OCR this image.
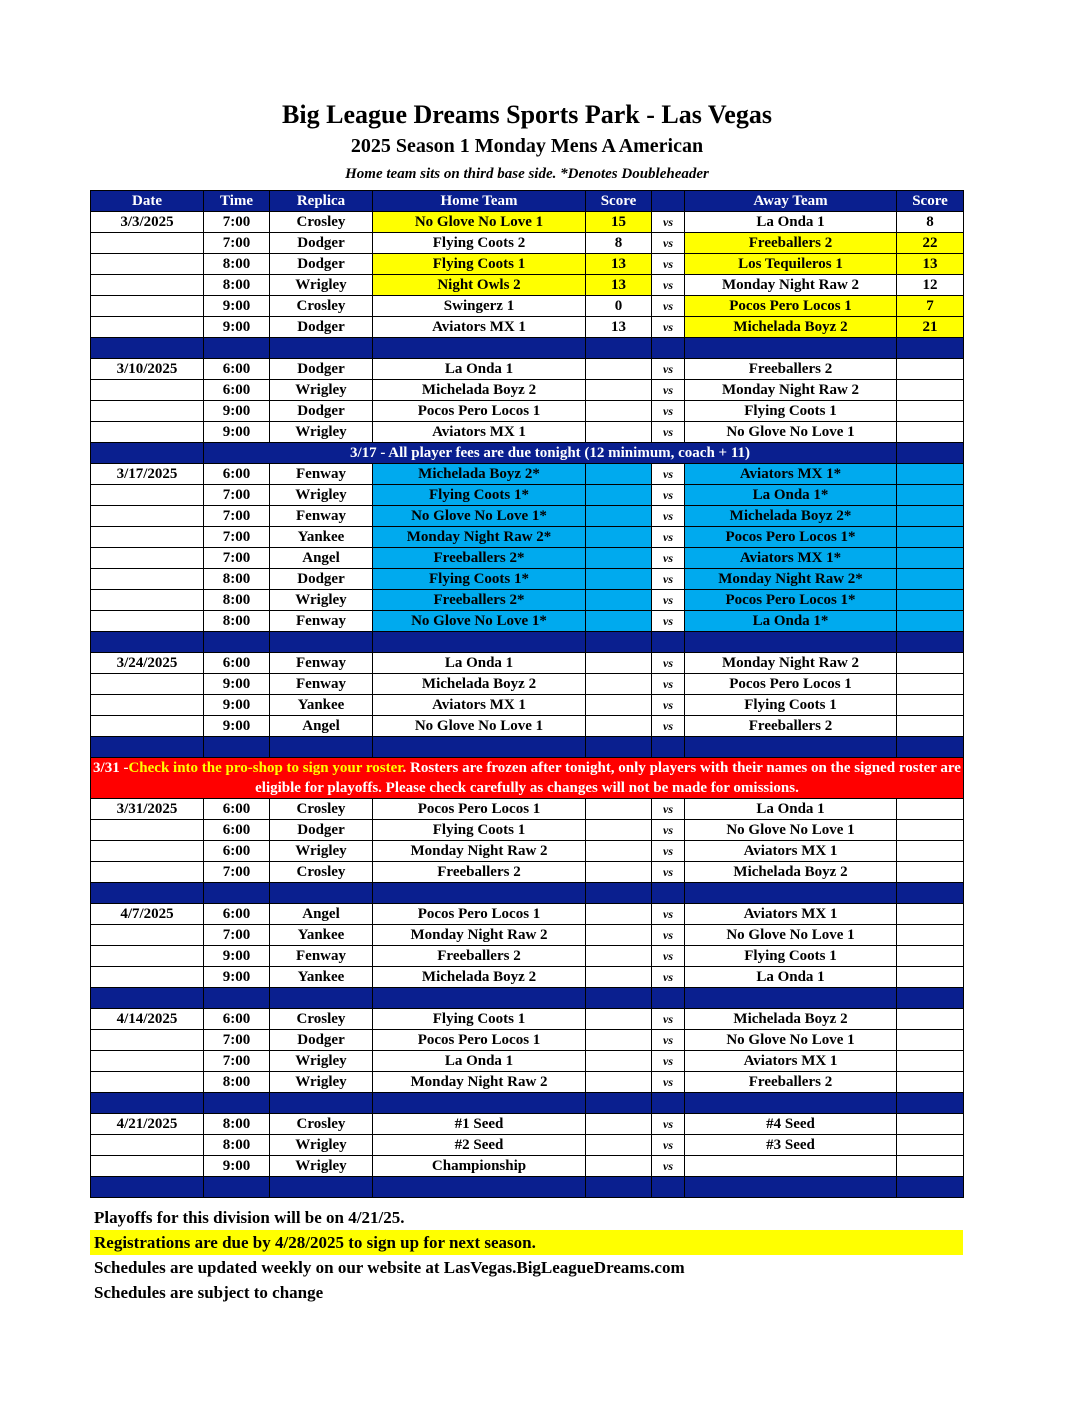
Big League Dreams Sports Park - Las Vegas
2025 Season 1 Monday Mens A American
Home team sits on third base side. *Denotes Doubleheader
Date	Time	Replica	Home Team	Score		Away Team	Score
3/3/2025	7:00	Crosley	No Glove No Love 1	15	vs	La Onda 1	8
	7:00	Dodger	Flying Coots 2	8	vs	Freeballers 2	22
	8:00	Dodger	Flying Coots 1	13	vs	Los Tequileros 1	13
	8:00	Wrigley	Night Owls 2	13	vs	Monday Night Raw 2	12
	9:00	Crosley	Swingerz 1	0	vs	Pocos Pero Locos 1	7
	9:00	Dodger	Aviators MX 1	13	vs	Michelada Boyz 2	21

3/10/2025	6:00	Dodger	La Onda 1		vs	Freeballers 2	
	6:00	Wrigley	Michelada Boyz 2		vs	Monday Night Raw 2	
	9:00	Dodger	Pocos Pero Locos 1		vs	Flying Coots 1	
	9:00	Wrigley	Aviators MX 1		vs	No Glove No Love 1	
	3/17 - All player fees are due tonight (12 minimum, coach + 11)						
3/17/2025	6:00	Fenway	Michelada Boyz 2*		vs	Aviators MX 1*	
	7:00	Wrigley	Flying Coots 1*		vs	La Onda 1*	
	7:00	Fenway	No Glove No Love 1*		vs	Michelada Boyz 2*	
	7:00	Yankee	Monday Night Raw 2*		vs	Pocos Pero Locos 1*	
	7:00	Angel	Freeballers 2*		vs	Aviators MX 1*	
	8:00	Dodger	Flying Coots 1*		vs	Monday Night Raw 2*	
	8:00	Wrigley	Freeballers 2*		vs	Pocos Pero Locos 1*	
	8:00	Fenway	No Glove No Love 1*		vs	La Onda 1*	

3/24/2025	6:00	Fenway	La Onda 1		vs	Monday Night Raw 2	
	9:00	Fenway	Michelada Boyz 2		vs	Pocos Pero Locos 1	
	9:00	Yankee	Aviators MX 1		vs	Flying Coots 1	
	9:00	Angel	No Glove No Love 1		vs	Freeballers 2	

3/31 -Check into the pro-shop to sign your roster. Rosters are frozen after tonight, only players with their names on the signed roster are eligible for playoffs. Please check carefully as changes will not be made for omissions.							
3/31/2025	6:00	Crosley	Pocos Pero Locos 1		vs	La Onda 1	
	6:00	Dodger	Flying Coots 1		vs	No Glove No Love 1	
	6:00	Wrigley	Monday Night Raw 2		vs	Aviators MX 1	
	7:00	Crosley	Freeballers 2		vs	Michelada Boyz 2	

4/7/2025	6:00	Angel	Pocos Pero Locos 1		vs	Aviators MX 1	
	7:00	Yankee	Monday Night Raw 2		vs	No Glove No Love 1	
	9:00	Fenway	Freeballers 2		vs	Flying Coots 1	
	9:00	Yankee	Michelada Boyz 2		vs	La Onda 1	

4/14/2025	6:00	Crosley	Flying Coots 1		vs	Michelada Boyz 2	
	7:00	Dodger	Pocos Pero Locos 1		vs	No Glove No Love 1	
	7:00	Wrigley	La Onda 1		vs	Aviators MX 1	
	8:00	Wrigley	Monday Night Raw 2		vs	Freeballers 2	

4/21/2025	8:00	Crosley	#1 Seed		vs	#4 Seed	
	8:00	Wrigley	#2 Seed		vs	#3 Seed	
	9:00	Wrigley	Championship		vs		

Playoffs for this division will be on 4/21/25.
Registrations are due by 4/28/2025 to sign up for next season.
Schedules are updated weekly on our website at LasVegas.BigLeagueDreams.com
Schedules are subject to change
